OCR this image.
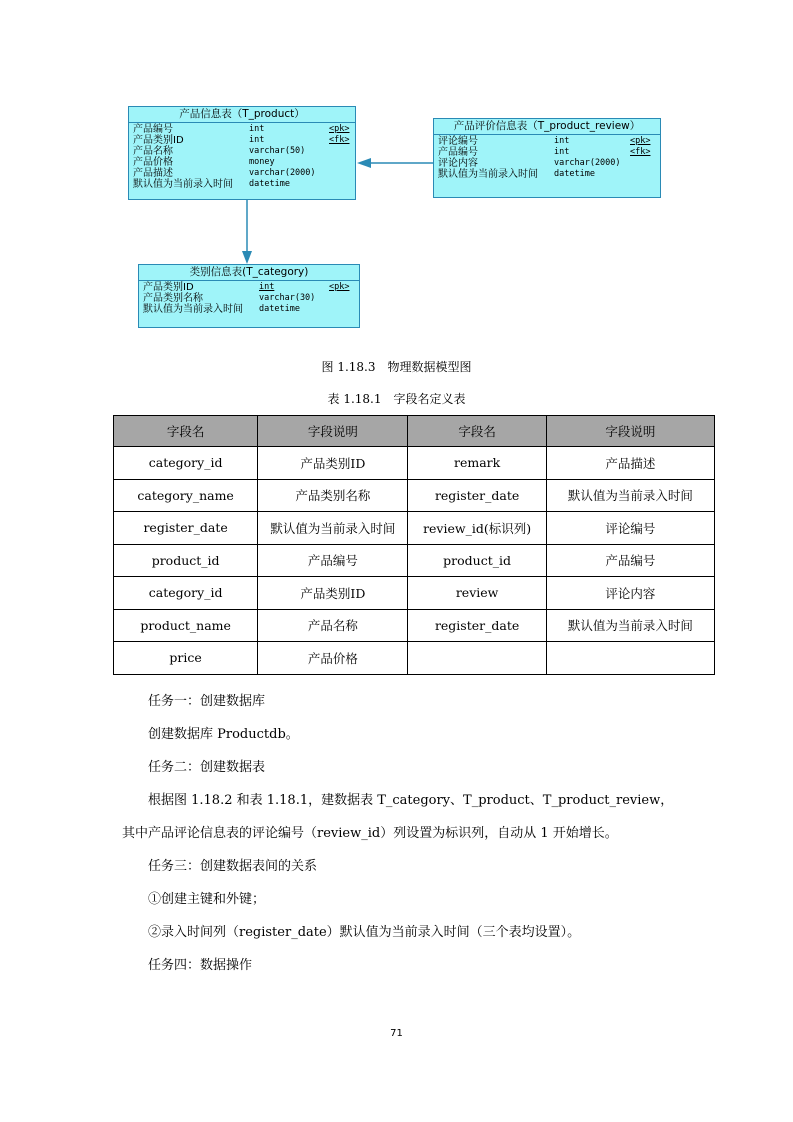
产品信息表（T_product）
产品编号	int	<pk>
产品类别ID	int	<fk>
产品名称	varchar(50)
产品价格	money
产品描述	varchar(2000)
默认值为当前录入时间 datetime
产品评价信息表（T_product_review）
评论编号	int	<pk>
产品编号	int	<fk>
评论内容	varchar(2000)
默认值为当前录入时间 datetime
类别信息表(T_category)
产品类别ID	int	<pk>
产品类别名称	varchar(30)
默认值为当前录入时间 datetime
图 1.18.3　物理数据模型图
表 1.18.1　字段名定义表
字段名	字段说明	字段名	字段说明
category_id	产品类别ID	remark	产品描述
category_name	产品类别名称	register_date	默认值为当前录入时间
register_date	默认值为当前录入时间	review_id(标识列)	评论编号
product_id	产品编号	product_id	产品编号
category_id	产品类别ID	review	评论内容
product_name	产品名称	register_date	默认值为当前录入时间
price	产品价格		
任务一：创建数据库
创建数据库 Productdb。
任务二：创建数据表
根据图 1.18.2 和表 1.18.1，建数据表 T_category、T_product、T_product_review，
其中产品评论信息表的评论编号（review_id）列设置为标识列，自动从 1 开始增长。
任务三：创建数据表间的关系
①创建主键和外键；
②录入时间列（register_date）默认值为当前录入时间（三个表均设置）。
任务四：数据操作
71
